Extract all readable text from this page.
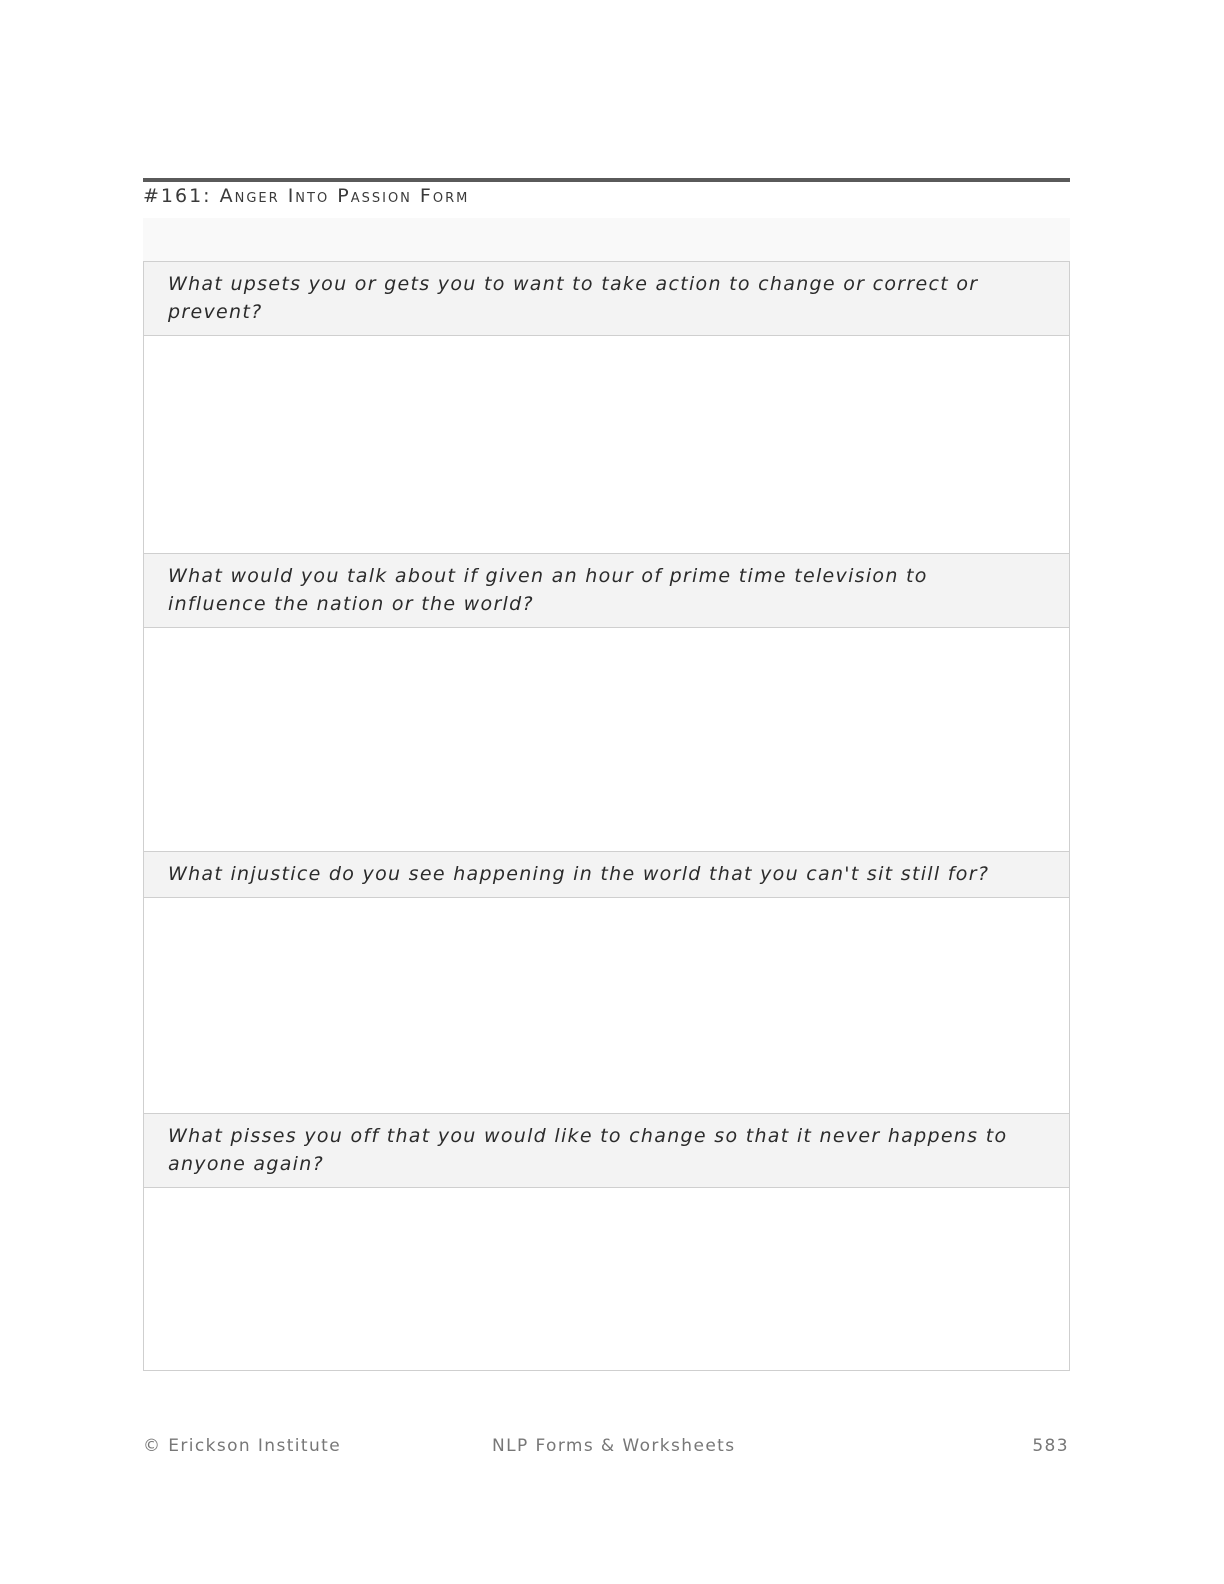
#161: Anger Into Passion Form
What upsets you or gets you to want to take action to change or correct or prevent?

What would you talk about if given an hour of prime time television to influence the nation or the world?

What injustice do you see happening in the world that you can't sit still for?

What pisses you off that you would like to change so that it never happens to anyone again?

© Erickson Institute	NLP Forms & Worksheets	583
